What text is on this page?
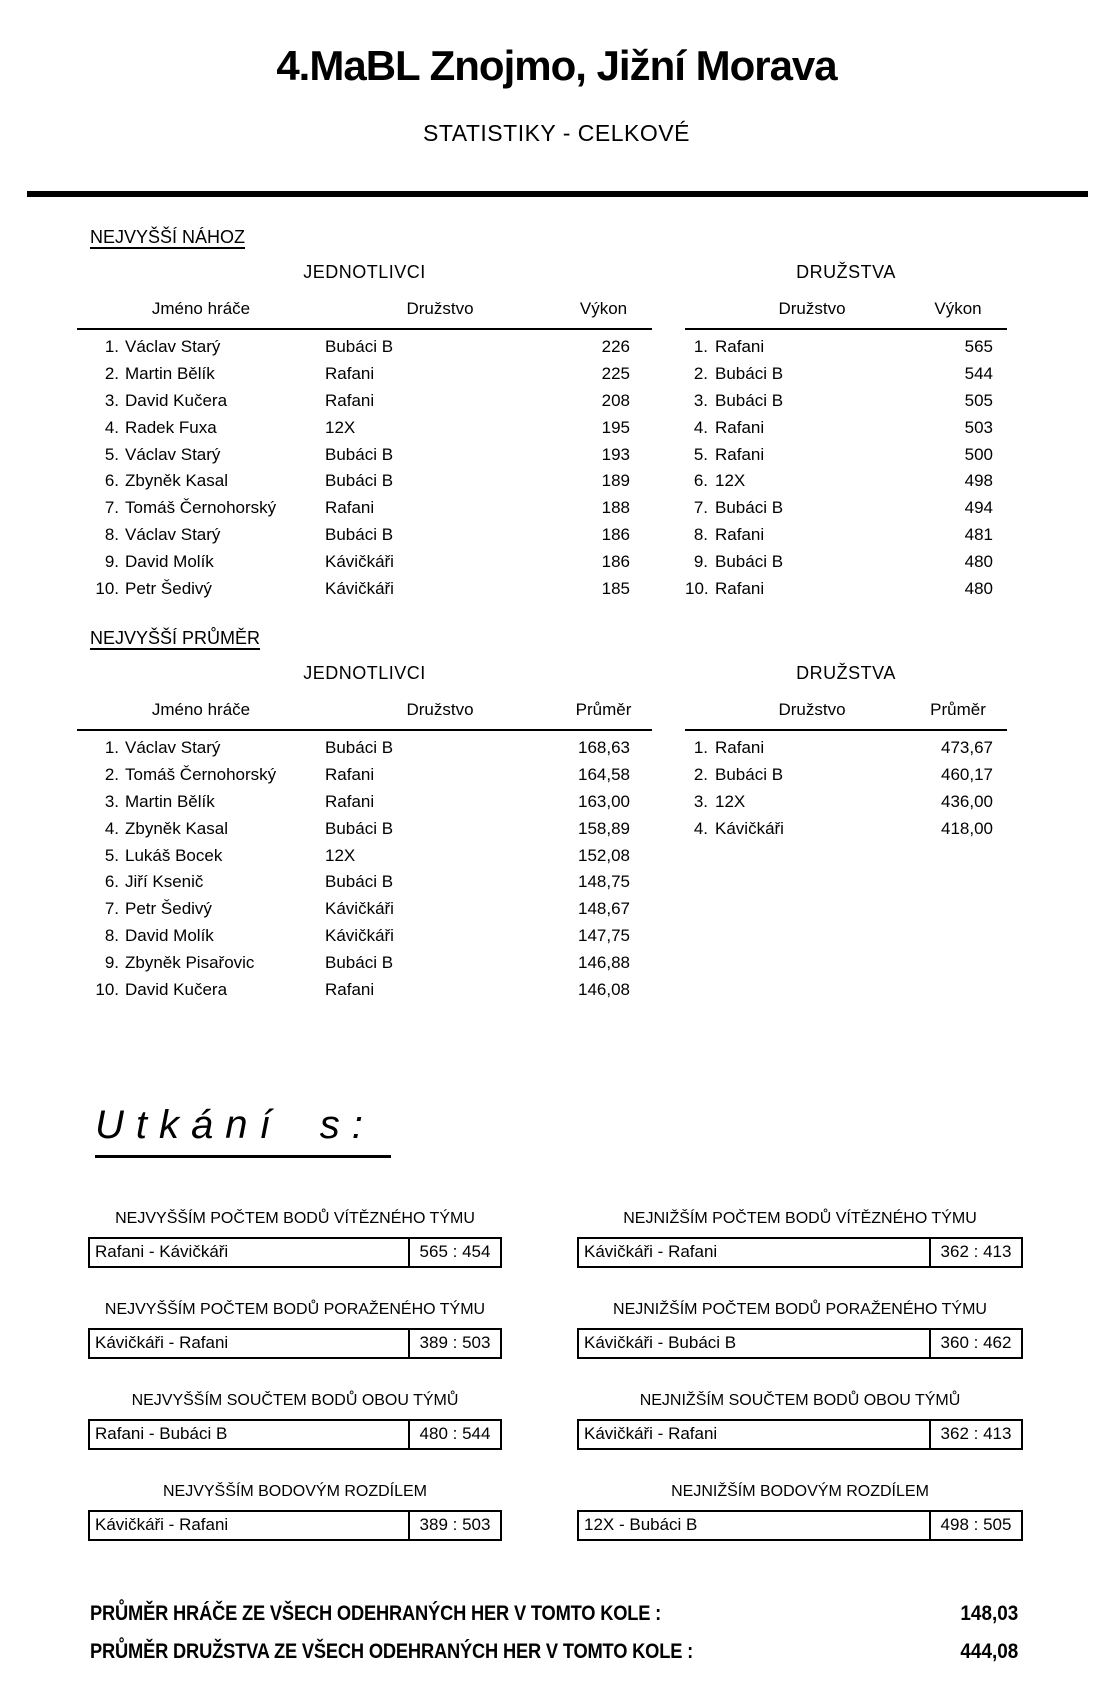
4.MaBL Znojmo, Jižní Morava
STATISTIKY - CELKOVÉ
NEJVYŠŠÍ NÁHOZ
JEDNOTLIVCI
Jméno hráče	Družstvo	Výkon
1. Václav Starý	Bubáci B	226
2. Martin Bělík	Rafani	225
3. David Kučera	Rafani	208
4. Radek Fuxa	12X	195
5. Václav Starý	Bubáci B	193
6. Zbyněk Kasal	Bubáci B	189
7. Tomáš Černohorský	Rafani	188
8. Václav Starý	Bubáci B	186
9. David Molík	Kávičkáři	186
10. Petr Šedivý	Kávičkáři	185
DRUŽSTVA
Družstvo	Výkon
1. Rafani	565
2. Bubáci B	544
3. Bubáci B	505
4. Rafani	503
5. Rafani	500
6. 12X	498
7. Bubáci B	494
8. Rafani	481
9. Bubáci B	480
10. Rafani	480
NEJVYŠŠÍ PRŮMĚR
JEDNOTLIVCI
Jméno hráče	Družstvo	Průměr
1. Václav Starý	Bubáci B	168,63
2. Tomáš Černohorský	Rafani	164,58
3. Martin Bělík	Rafani	163,00
4. Zbyněk Kasal	Bubáci B	158,89
5. Lukáš Bocek	12X	152,08
6. Jiří Ksenič	Bubáci B	148,75
7. Petr Šedivý	Kávičkáři	148,67
8. David Molík	Kávičkáři	147,75
9. Zbyněk Pisařovic	Bubáci B	146,88
10. David Kučera	Rafani	146,08
DRUŽSTVA
Družstvo	Průměr
1. Rafani	473,67
2. Bubáci B	460,17
3. 12X	436,00
4. Kávičkáři	418,00
Utkání s:
NEJVYŠŠÍM POČTEM BODŮ VÍTĚZNÉHO TÝMU
Rafani - Kávičkáři	565 : 454
NEJNIŽŠÍM POČTEM BODŮ VÍTĚZNÉHO TÝMU
Kávičkáři - Rafani	362 : 413
NEJVYŠŠÍM POČTEM BODŮ PORAŽENÉHO TÝMU
Kávičkáři - Rafani	389 : 503
NEJNIŽŠÍM POČTEM BODŮ PORAŽENÉHO TÝMU
Kávičkáři - Bubáci B	360 : 462
NEJVYŠŠÍM SOUČTEM BODŮ OBOU TÝMŮ
Rafani - Bubáci B	480 : 544
NEJNIŽŠÍM SOUČTEM BODŮ OBOU TÝMŮ
Kávičkáři - Rafani	362 : 413
NEJVYŠŠÍM BODOVÝM ROZDÍLEM
Kávičkáři - Rafani	389 : 503
NEJNIŽŠÍM BODOVÝM ROZDÍLEM
12X - Bubáci B	498 : 505
PRŮMĚR HRÁČE ZE VŠECH ODEHRANÝCH HER V TOMTO KOLE :	148,03
PRŮMĚR DRUŽSTVA ZE VŠECH ODEHRANÝCH HER V TOMTO KOLE :	444,08
